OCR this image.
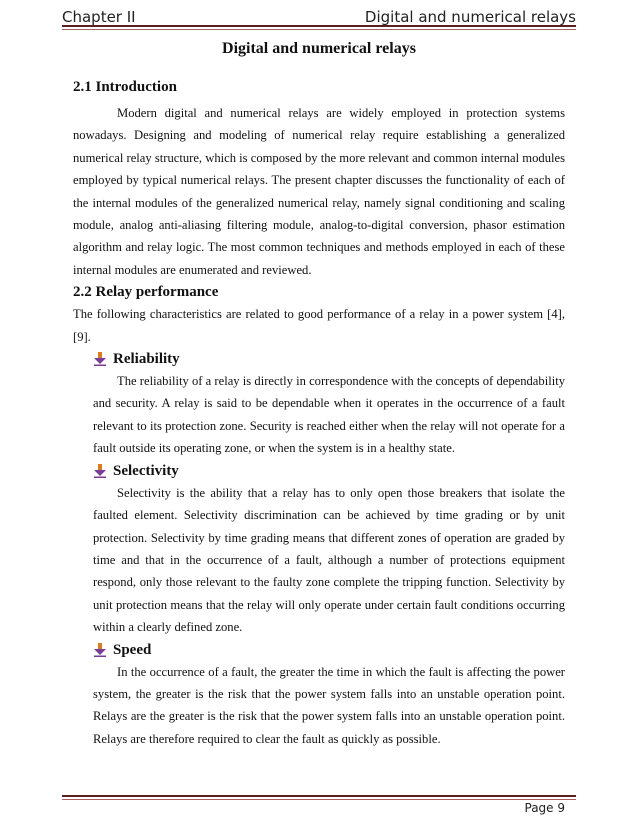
Chapter II	Digital and numerical relays
Digital and numerical relays
2.1 Introduction

Modern digital and numerical relays are widely employed in protection systems nowadays. Designing and modeling of numerical relay require establishing a generalized numerical relay structure, which is composed by the more relevant and common internal modules employed by typical numerical relays. The present chapter discusses the functionality of each of the internal modules of the generalized numerical relay, namely signal conditioning and scaling module, analog anti-aliasing filtering module, analog-to-digital conversion, phasor estimation algorithm and relay logic. The most common techniques and methods employed in each of these internal modules are enumerated and reviewed.

2.2 Relay performance

The following characteristics are related to good performance of a relay in a power system [4], [9].

Reliability

The reliability of a relay is directly in correspondence with the concepts of dependability and security. A relay is said to be dependable when it operates in the occurrence of a fault relevant to its protection zone. Security is reached either when the relay will not operate for a fault outside its operating zone, or when the system is in a healthy state.

Selectivity

Selectivity is the ability that a relay has to only open those breakers that isolate the faulted element. Selectivity discrimination can be achieved by time grading or by unit protection. Selectivity by time grading means that different zones of operation are graded by time and that in the occurrence of a fault, although a number of protections equipment respond, only those relevant to the faulty zone complete the tripping function. Selectivity by unit protection means that the relay will only operate under certain fault conditions occurring within a clearly defined zone.

Speed

In the occurrence of a fault, the greater the time in which the fault is affecting the power system, the greater is the risk that the power system falls into an unstable operation point. Relays are the greater is the risk that the power system falls into an unstable operation point. Relays are therefore required to clear the fault as quickly as possible.

Page 9
